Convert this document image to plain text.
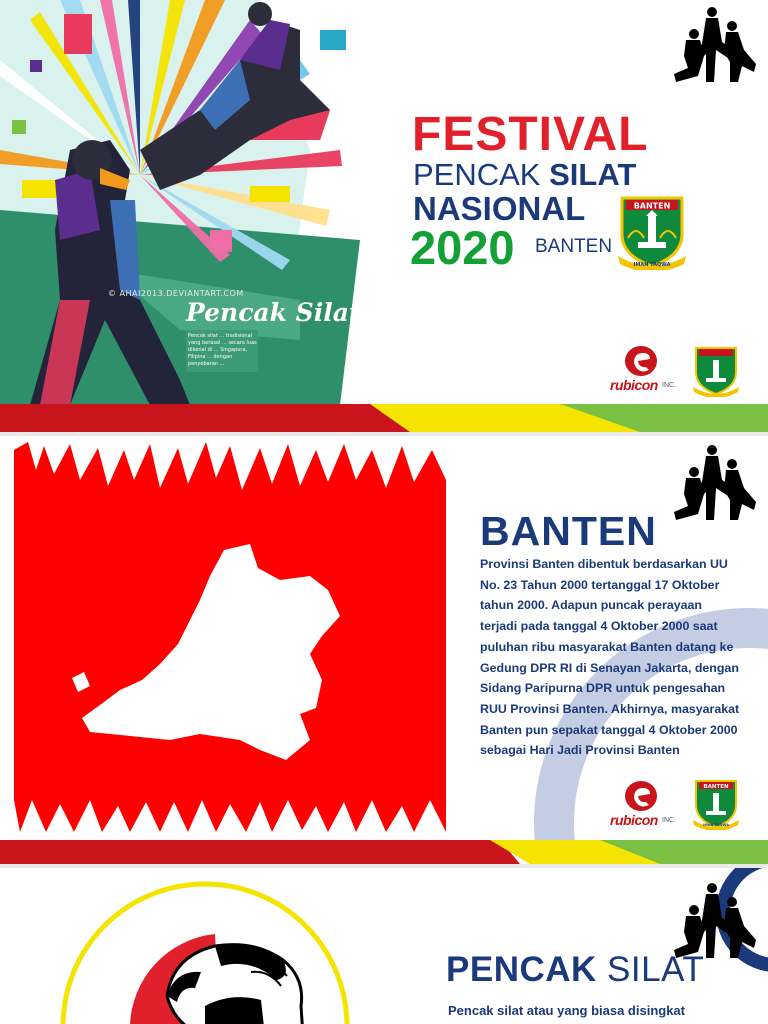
© AHAI2013.DEVIANTART.COM
Pencak Silat
Pencak silat ... tradisional yang berasal ... secara luas dikenal di ... Singapura, Filipina ... dengan penyebaran ...
FESTIVAL
PENCAK SILAT
NASIONAL
2020 BANTEN
BANTEN
IMAN TAQWA
rubicon INC.
BANTEN

Provinsi Banten dibentuk berdasarkan UU No. 23 Tahun 2000 tertanggal 17 Oktober tahun 2000. Adapun puncak perayaan terjadi pada tanggal 4 Oktober 2000 saat puluhan ribu masyarakat Banten datang ke Gedung DPR RI di Senayan Jakarta, dengan Sidang Paripurna DPR untuk pengesahan RUU Provinsi Banten. Akhirnya, masyarakat Banten pun sepakat tanggal 4 Oktober 2000 sebagai Hari Jadi Provinsi Banten

rubicon INC.
BANTEN
IMAN TAQWA
PENCAK SILAT

Pencak silat atau yang biasa disingkat
